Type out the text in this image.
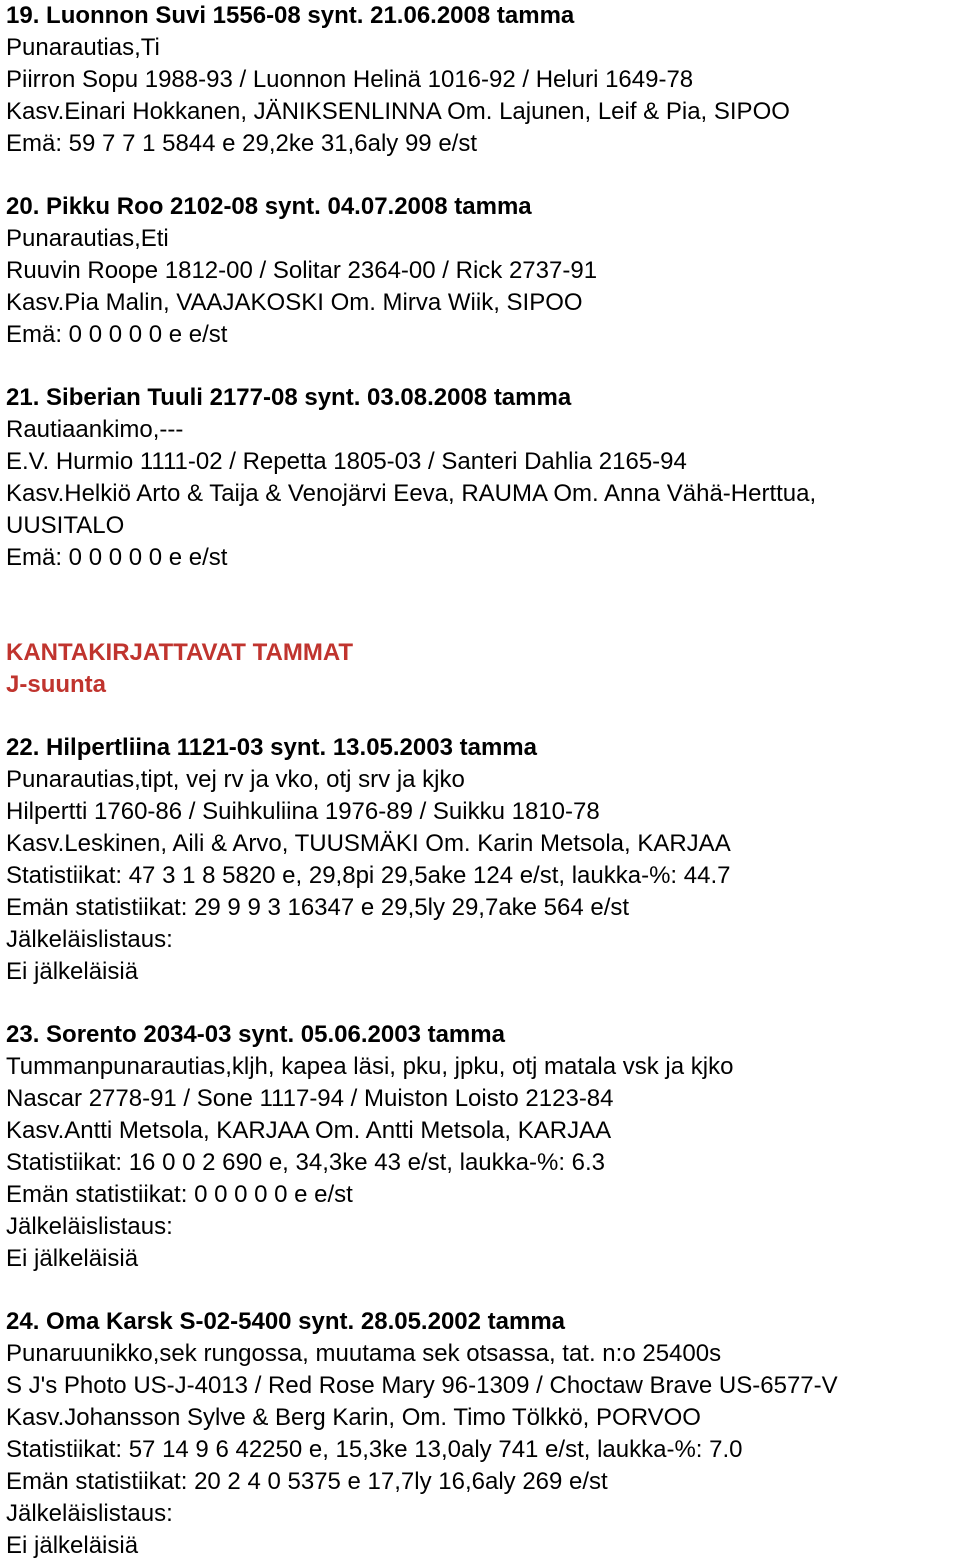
19. Luonnon Suvi 1556-08 synt. 21.06.2008 tamma
Punarautias,Ti
Piirron Sopu 1988-93 / Luonnon Helinä 1016-92 / Heluri 1649-78
Kasv.Einari Hokkanen, JÄNIKSENLINNA Om. Lajunen, Leif & Pia, SIPOO
Emä: 59 7 7 1 5844 e 29,2ke 31,6aly 99 e/st
20. Pikku Roo 2102-08 synt. 04.07.2008 tamma
Punarautias,Eti
Ruuvin Roope 1812-00 / Solitar 2364-00 / Rick 2737-91
Kasv.Pia Malin, VAAJAKOSKI Om. Mirva Wiik, SIPOO
Emä: 0 0 0 0 0 e e/st
21. Siberian Tuuli 2177-08 synt. 03.08.2008 tamma
Rautiaankimo,---
E.V. Hurmio 1111-02 / Repetta 1805-03 / Santeri Dahlia 2165-94
Kasv.Helkiö Arto & Taija & Venojärvi Eeva, RAUMA Om. Anna Vähä-Herttua,
UUSITALO
Emä: 0 0 0 0 0 e e/st
KANTAKIRJATTAVAT TAMMAT
J-suunta
22. Hilpertliina 1121-03 synt. 13.05.2003 tamma
Punarautias,tipt, vej rv ja vko, otj srv ja kjko
Hilpertti 1760-86 / Suihkuliina 1976-89 / Suikku 1810-78
Kasv.Leskinen, Aili & Arvo, TUUSMÄKI Om. Karin Metsola, KARJAA
Statistiikat: 47 3 1 8 5820 e, 29,8pi 29,5ake 124 e/st, laukka-%: 44.7
Emän statistiikat: 29 9 9 3 16347 e 29,5ly 29,7ake 564 e/st
Jälkeläislistaus:
Ei jälkeläisiä
23. Sorento 2034-03 synt. 05.06.2003 tamma
Tummanpunarautias,kljh, kapea läsi, pku, jpku, otj matala vsk ja kjko
Nascar 2778-91 / Sone 1117-94 / Muiston Loisto 2123-84
Kasv.Antti Metsola, KARJAA Om. Antti Metsola, KARJAA
Statistiikat: 16 0 0 2 690 e, 34,3ke 43 e/st, laukka-%: 6.3
Emän statistiikat: 0 0 0 0 0 e e/st
Jälkeläislistaus:
Ei jälkeläisiä
24. Oma Karsk S-02-5400 synt. 28.05.2002 tamma
Punaruunikko,sek rungossa, muutama sek otsassa, tat. n:o 25400s
S J's Photo US-J-4013 / Red Rose Mary 96-1309 / Choctaw Brave US-6577-V
Kasv.Johansson Sylve & Berg Karin, Om. Timo Tölkkö, PORVOO
Statistiikat: 57 14 9 6 42250 e, 15,3ke 13,0aly 741 e/st, laukka-%: 7.0
Emän statistiikat: 20 2 4 0 5375 e 17,7ly 16,6aly 269 e/st
Jälkeläislistaus:
Ei jälkeläisiä
